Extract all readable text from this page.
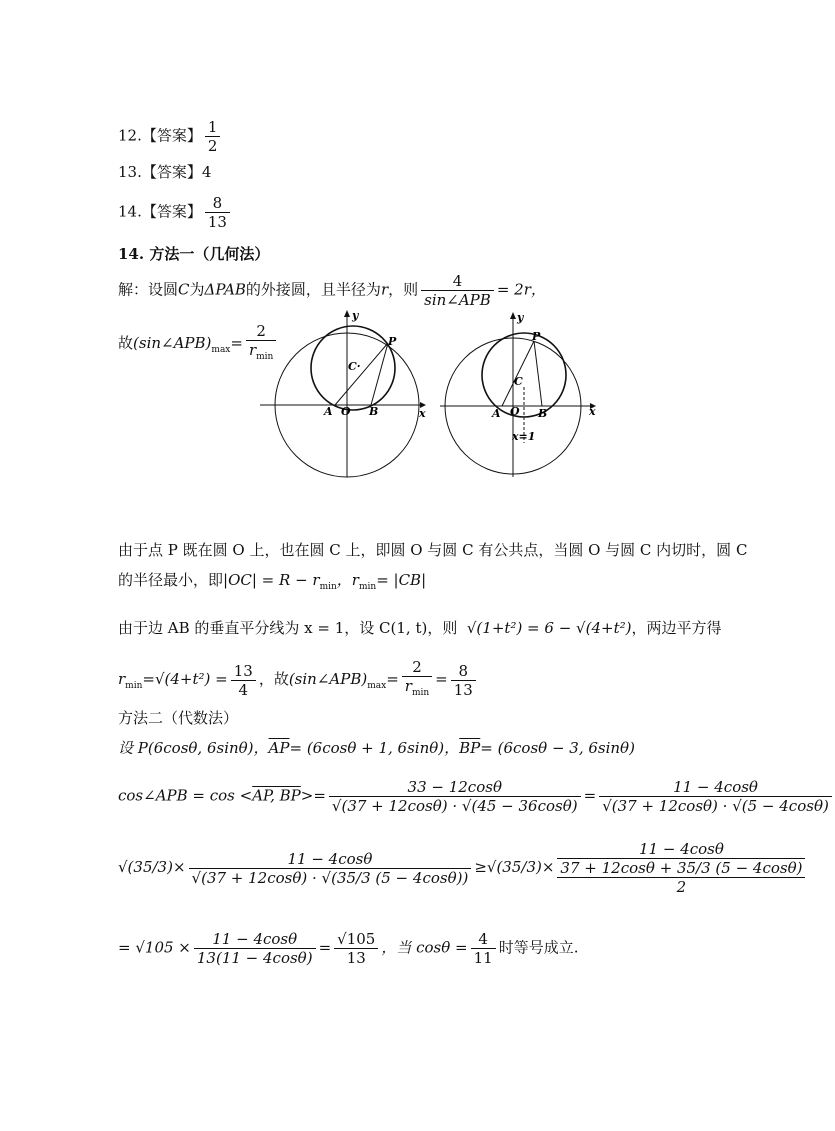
12.【答案】 $\frac{1}{2}$
13.【答案】4
14.【答案】 $\frac{8}{13}$
14. 方法一（几何法）
解：设圆C为ΔPAB的外接圆，且半径为r，则 $\frac{4}{\text{sin∠APB}} = 2r$，
故$(\sin\angle APB)_{max}= \frac{2}{r_{min}}$
y
x
P
C·
A O B
y
x
P
C
A O B
x=1
由于点 P 既在圆 O 上，也在圆 C 上，即圆 O 与圆 C 有公共点，当圆 O 与圆 C 内切时，圆 C
的半径最小，即$|OC| = R - r_{min}$，$r_{min}= |CB|$
由于边 AB 的垂直平分线为 x = 1，设 C(1, t)，则 √(1+t²) = 6 − √(4+t²)，两边平方得
$r_{min}=√(4+t^2) = \frac{13}{4}$ ，故$(\sin\angle APB)_{max}= \frac{2}{r_{min}} = \frac{8}{13}$
方法二（代数法）
设 P(6cosθ, 6sinθ)，$\overline{AP}= (6\cos\theta + 1$, 6sinθ)，$\overline{BP}= (6\cos\theta - 3$, 6sinθ)
cos∠APB = cos <AP, $BP>= \frac{33 - 12\cos\theta}{√(37 + 12\cos\theta) \cdot √(45 - 36\cos\theta)} = \frac{11 - 4\cos\theta}{√(37 + 12\cos\theta) \cdot √(5 - 4\cos\theta)}$
$√(35/3)\times \frac{11 - 4\cos\theta}{√(37 + 12\cos\theta) \cdot √(35/3 (5 - 4\cos\theta))} \ge√(35/3)\times$
11 − 4cosθ
37 + 12cosθ + 35/3 (5 − 4cosθ)
2
= $√105 \times \frac{11 - 4\cos\theta}{13(11 - 4\cos\theta)} = \frac{√105}{13}$ ，当 $\cos\theta = \frac{4}{11}$ 时等号成立.
